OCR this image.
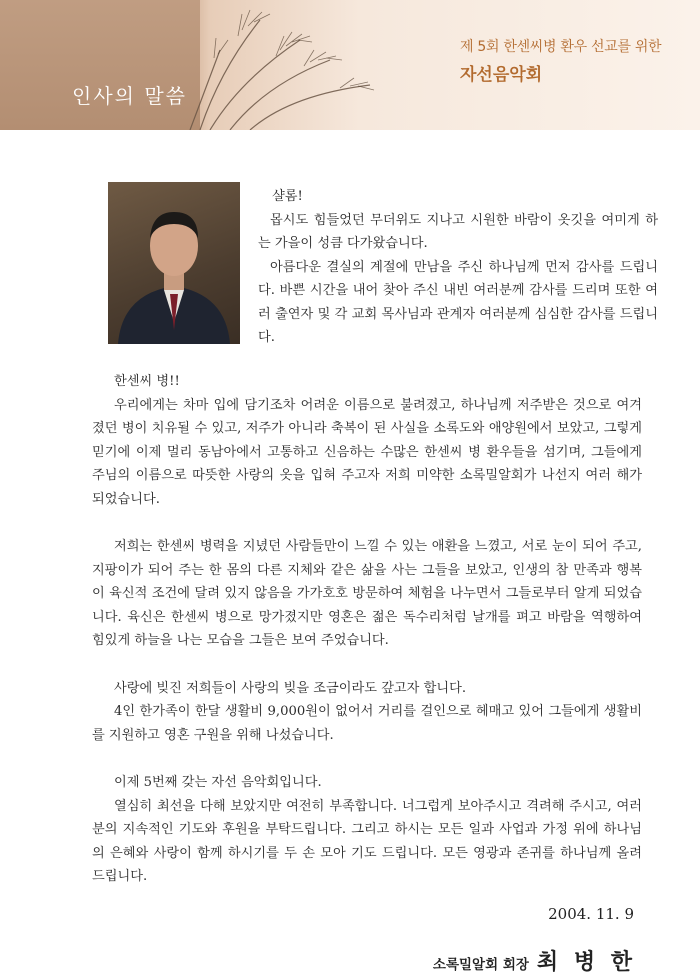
인사의 말씀
제 5회 한센씨병 환우 선교를 위한
자선음악회

샬롬!

몹시도 힘들었던 무더위도 지나고 시원한 바람이 옷깃을 여미게 하는 가을이 성큼 다가왔습니다.

아름다운 결실의 계절에 만남을 주신 하나님께 먼저 감사를 드립니다. 바쁜 시간을 내어 찾아 주신 내빈 여러분께 감사를 드리며 또한 여러 출연자 및 각 교회 목사님과 관계자 여러분께 심심한 감사를 드립니다.

한센씨 병!!

우리에게는 차마 입에 담기조차 어려운 이름으로 불려졌고, 하나님께 저주받은 것으로 여겨졌던 병이 치유될 수 있고, 저주가 아니라 축복이 된 사실을 소록도와 애양원에서 보았고, 그렇게 믿기에 이제 멀리 동남아에서 고통하고 신음하는 수많은 한센씨 병 환우들을 섬기며, 그들에게 주님의 이름으로 따뜻한 사랑의 옷을 입혀 주고자 저희 미약한 소록밀알회가 나선지 여러 해가 되었습니다.

저희는 한센씨 병력을 지녔던 사람들만이 느낄 수 있는 애환을 느꼈고, 서로 눈이 되어 주고, 지팡이가 되어 주는 한 몸의 다른 지체와 같은 삶을 사는 그들을 보았고, 인생의 참 만족과 행복이 육신적 조건에 달려 있지 않음을 가가호호 방문하여 체험을 나누면서 그들로부터 알게 되었습니다. 육신은 한센씨 병으로 망가졌지만 영혼은 젊은 독수리처럼 날개를 펴고 바람을 역행하여 힘있게 하늘을 나는 모습을 그들은 보여 주었습니다.

사랑에 빚진 저희들이 사랑의 빚을 조금이라도 갚고자 합니다.

4인 한가족이 한달 생활비 9,000원이 없어서 거리를 걸인으로 헤매고 있어 그들에게 생활비를 지원하고 영혼 구원을 위해 나섰습니다.

이제 5번째 갖는 자선 음악회입니다.

열심히 최선을 다해 보았지만 여전히 부족합니다. 너그럽게 보아주시고 격려해 주시고, 여러분의 지속적인 기도와 후원을 부탁드립니다. 그리고 하시는 모든 일과 사업과 가정 위에 하나님의 은혜와 사랑이 함께 하시기를 두 손 모아 기도 드립니다. 모든 영광과 존귀를 하나님께 올려 드립니다.

2004. 11. 9
소록밀알회 회장 최 병 한
